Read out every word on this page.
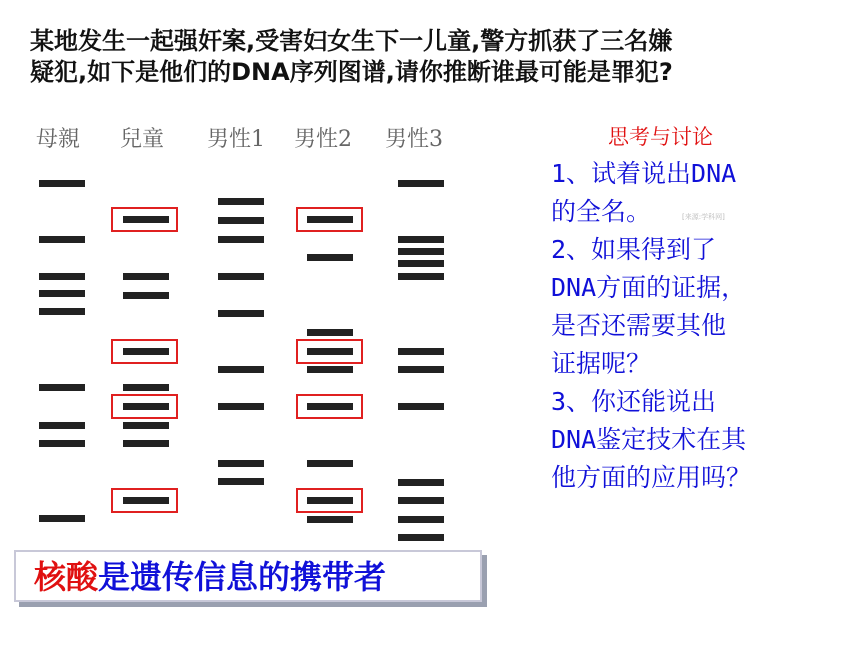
某地发生一起强奸案,受害妇女生下一儿童,警方抓获了三名嫌
疑犯,如下是他们的DNA序列图谱,请你推断谁最可能是罪犯?
母親 兒童 男性1 男性2 男性3	思考与讨论
1、试着说出DNA
的全名。
2、如果得到了
DNA方面的证据，
是否还需要其他
证据呢？
3、你还能说出
DNA鉴定技术在其
他方面的应用吗？
[来源:学科网]
核酸是遗传信息的携带者
